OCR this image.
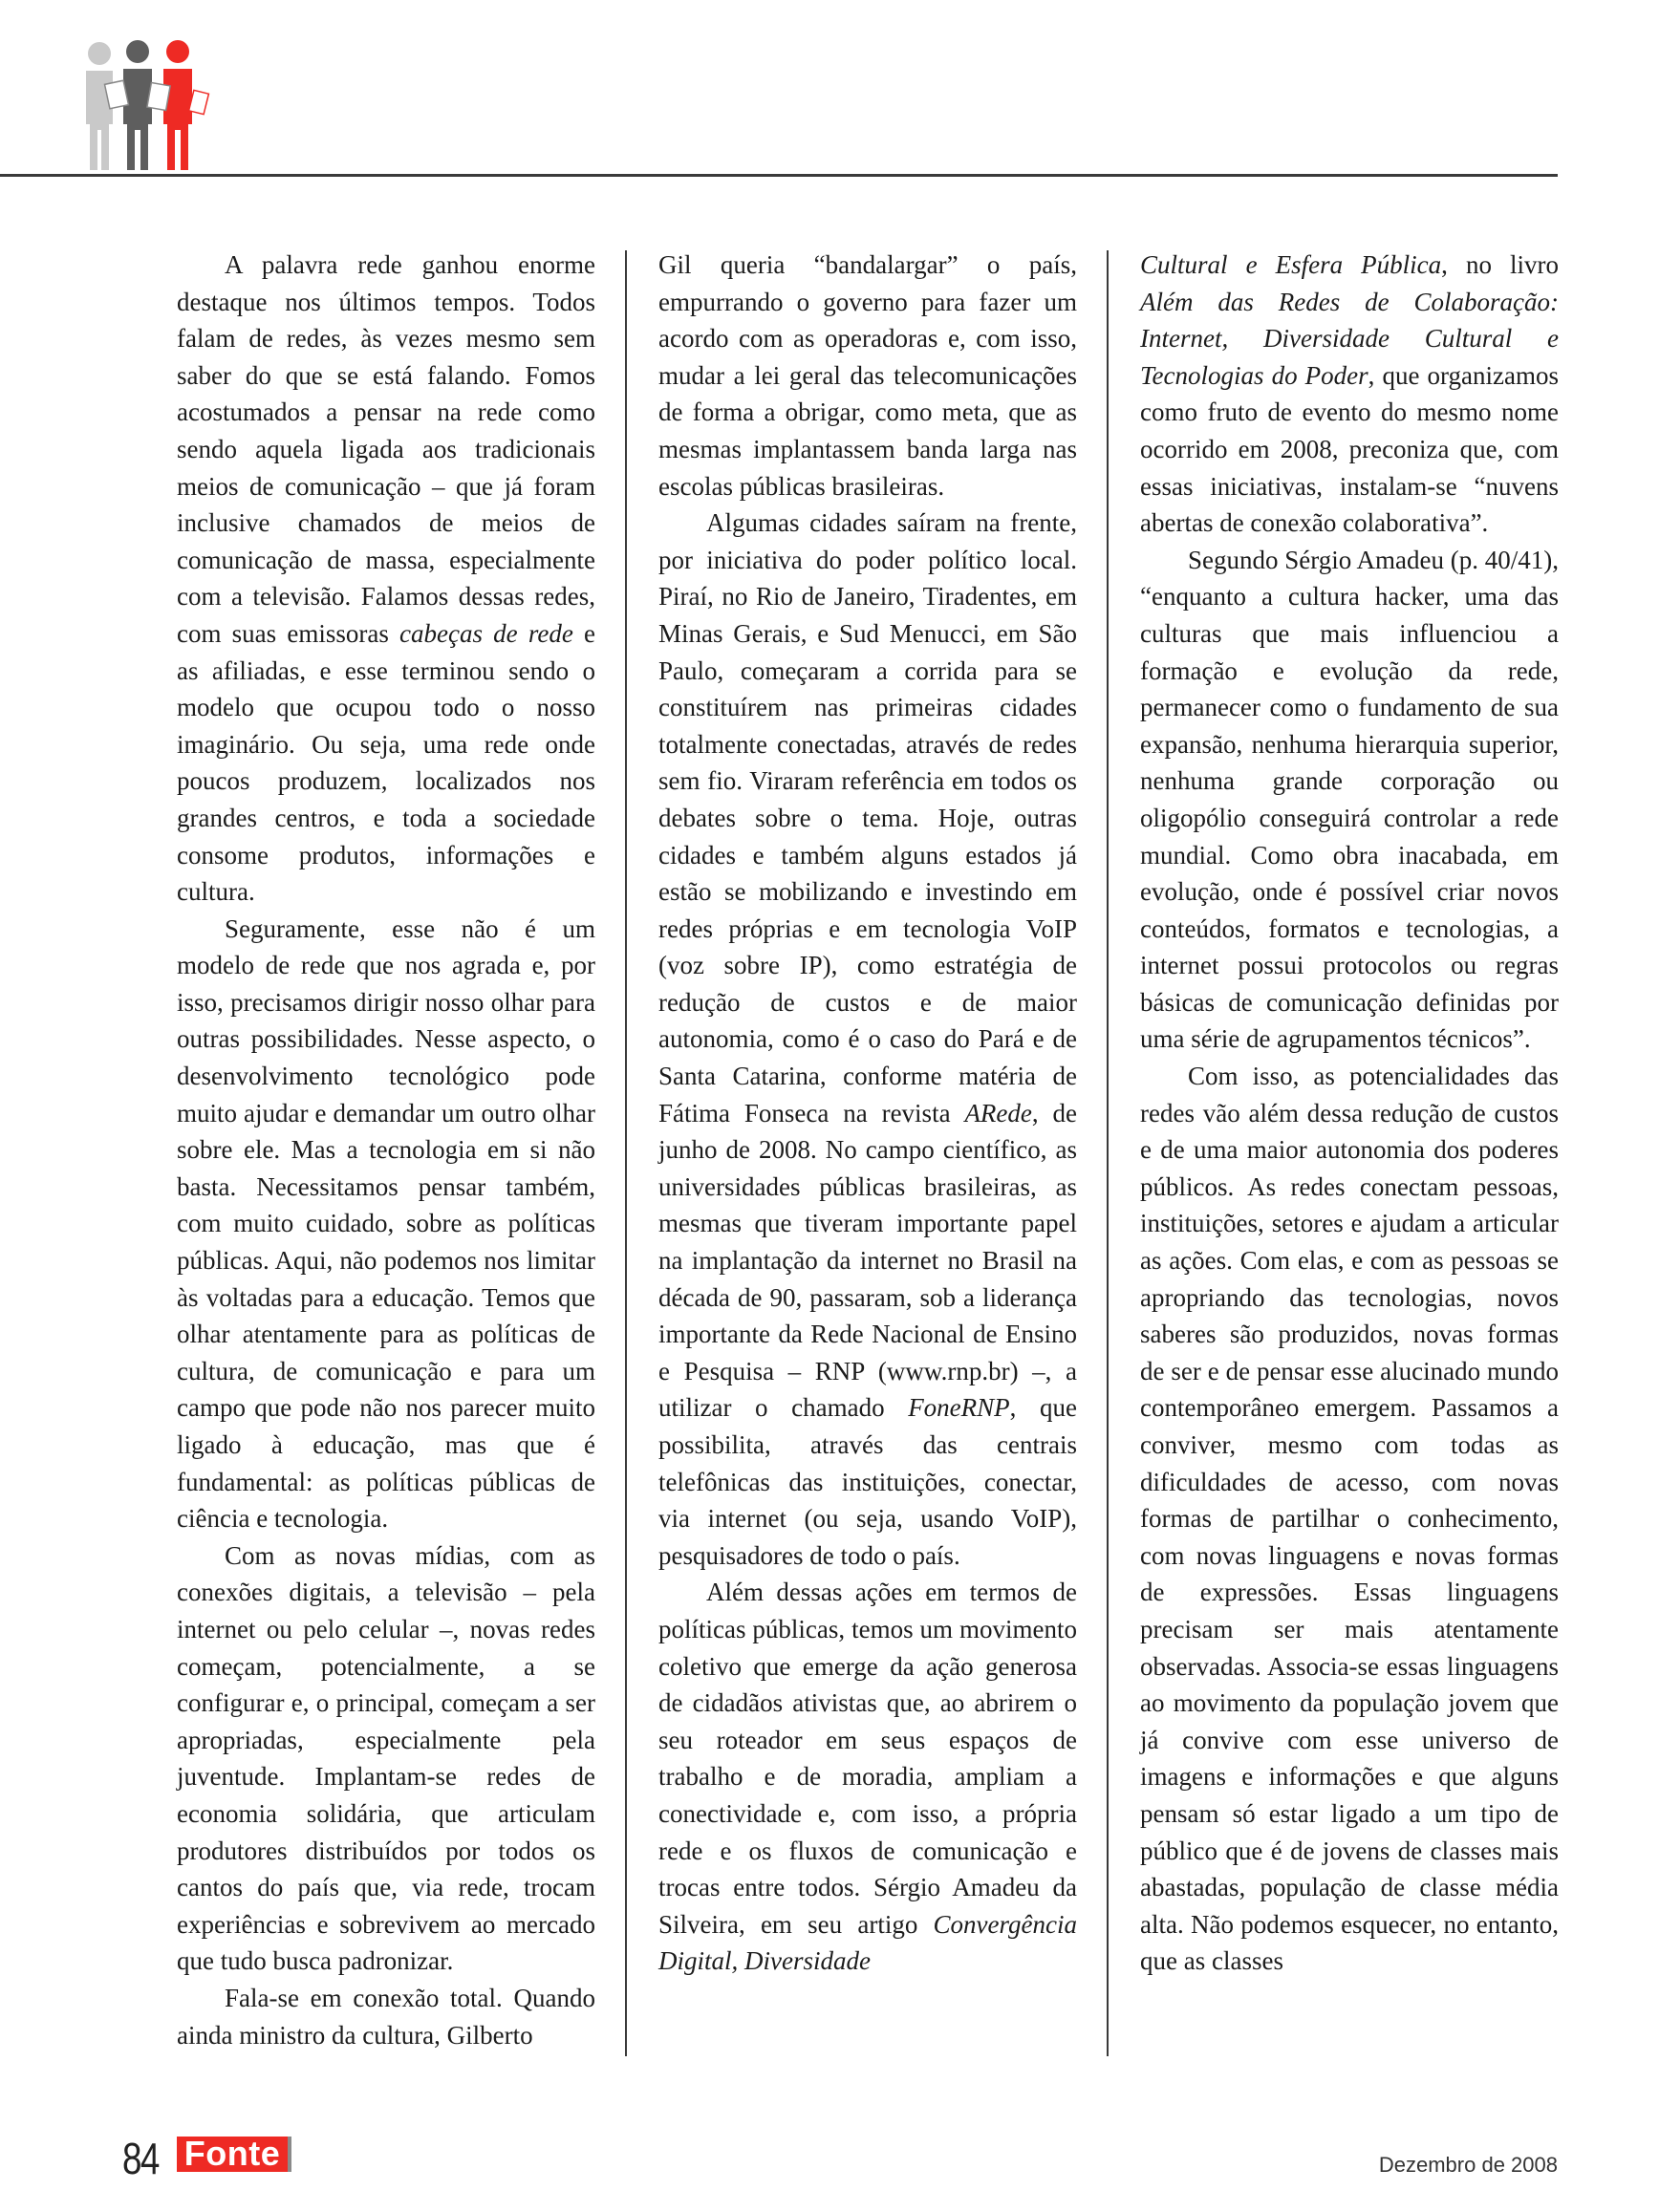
A palavra rede ganhou enorme destaque nos últimos tempos. Todos falam de redes, às vezes mesmo sem saber do que se está falando. Fomos acostumados a pensar na rede como sendo aquela ligada aos tradicionais meios de comunicação – que já foram inclusive chamados de meios de comunicação de massa, especialmente com a televisão. Falamos dessas redes, com suas emissoras cabeças de rede e as afiliadas, e esse terminou sendo o modelo que ocupou todo o nosso imaginário. Ou seja, uma rede onde poucos produzem, localizados nos grandes centros, e toda a sociedade consome produtos, informações e cultura.

Seguramente, esse não é um modelo de rede que nos agrada e, por isso, precisamos dirigir nosso olhar para outras possibilidades. Nesse aspecto, o desenvolvimento tecnológico pode muito ajudar e demandar um outro olhar sobre ele. Mas a tecnologia em si não basta. Necessitamos pensar também, com muito cuidado, sobre as políticas públicas. Aqui, não podemos nos limitar às voltadas para a educação. Temos que olhar atentamente para as políticas de cultura, de comunicação e para um campo que pode não nos parecer muito ligado à educação, mas que é fundamental: as políticas públicas de ciência e tecnologia.

Com as novas mídias, com as conexões digitais, a televisão – pela internet ou pelo celular –, novas redes começam, potencialmente, a se configurar e, o principal, começam a ser apropriadas, especialmente pela juventude. Implantam-se redes de economia solidária, que articulam produtores distribuídos por todos os cantos do país que, via rede, trocam experiências e sobrevivem ao mercado que tudo busca padronizar.

Fala-se em conexão total. Quando ainda ministro da cultura, Gilberto

Gil queria “bandalargar” o país, empurrando o governo para fazer um acordo com as operadoras e, com isso, mudar a lei geral das telecomunicações de forma a obrigar, como meta, que as mesmas implantassem banda larga nas escolas públicas brasileiras.

Algumas cidades saíram na frente, por iniciativa do poder político local. Piraí, no Rio de Janeiro, Tiradentes, em Minas Gerais, e Sud Menucci, em São Paulo, começaram a corrida para se constituírem nas primeiras cidades totalmente conectadas, através de redes sem fio. Viraram referência em todos os debates sobre o tema. Hoje, outras cidades e também alguns estados já estão se mobilizando e investindo em redes próprias e em tecnologia VoIP (voz sobre IP), como estratégia de redução de custos e de maior autonomia, como é o caso do Pará e de Santa Catarina, conforme matéria de Fátima Fonseca na revista ARede, de junho de 2008. No campo científico, as universidades públicas brasileiras, as mesmas que tiveram importante papel na implantação da internet no Brasil na década de 90, passaram, sob a liderança importante da Rede Nacional de Ensino e Pesquisa – RNP (www.rnp.br) –, a utilizar o chamado FoneRNP, que possibilita, através das centrais telefônicas das instituições, conectar, via internet (ou seja, usando VoIP), pesquisadores de todo o país.

Além dessas ações em termos de políticas públicas, temos um movimento coletivo que emerge da ação generosa de cidadãos ativistas que, ao abrirem o seu roteador em seus espaços de trabalho e de moradia, ampliam a conectividade e, com isso, a própria rede e os fluxos de comunicação e trocas entre todos. Sérgio Amadeu da Silveira, em seu artigo Convergência Digital, Diversidade

Cultural e Esfera Pública, no livro Além das Redes de Colaboração: Internet, Diversidade Cultural e Tecnologias do Poder, que organizamos como fruto de evento do mesmo nome ocorrido em 2008, preconiza que, com essas iniciativas, instalam-se “nuvens abertas de conexão colaborativa”.

Segundo Sérgio Amadeu (p. 40/41), “enquanto a cultura hacker, uma das culturas que mais influenciou a formação e evolução da rede, permanecer como o fundamento de sua expansão, nenhuma hierarquia superior, nenhuma grande corporação ou oligopólio conseguirá controlar a rede mundial. Como obra inacabada, em evolução, onde é possível criar novos conteúdos, formatos e tecnologias, a internet possui protocolos ou regras básicas de comunicação definidas por uma série de agrupamentos técnicos”.

Com isso, as potencialidades das redes vão além dessa redução de custos e de uma maior autonomia dos poderes públicos. As redes conectam pessoas, instituições, setores e ajudam a articular as ações. Com elas, e com as pessoas se apropriando das tecnologias, novos saberes são produzidos, novas formas de ser e de pensar esse alucinado mundo contemporâneo emergem. Passamos a conviver, mesmo com todas as dificuldades de acesso, com novas formas de partilhar o conhecimento, com novas linguagens e novas formas de expressões. Essas linguagens precisam ser mais atentamente observadas. Associa-se essas linguagens ao movimento da população jovem que já convive com esse universo de imagens e informações e que alguns pensam só estar ligado a um tipo de público que é de jovens de classes mais abastadas, população de classe média alta. Não podemos esquecer, no entanto, que as classes

84 Fonte	Dezembro de 2008
